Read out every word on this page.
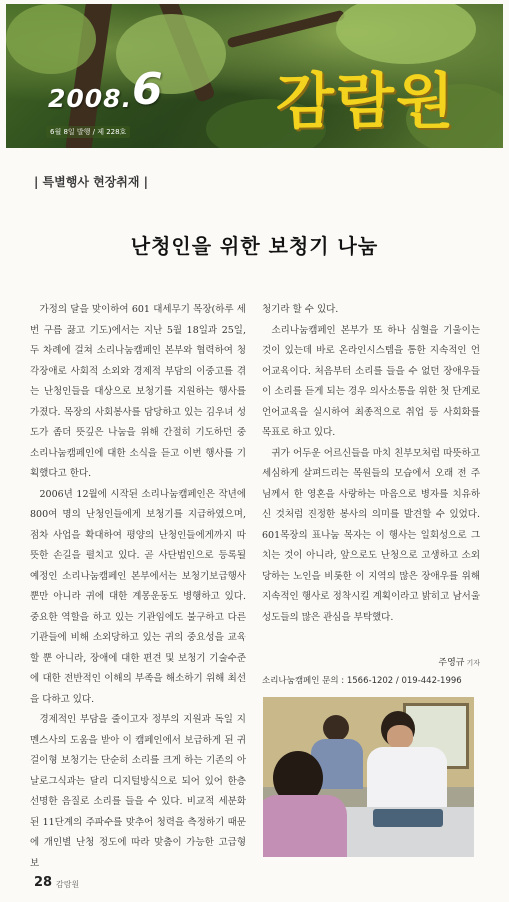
2008. 6
6월 8일 발행 / 제 228호 감람원
| 특별행사 현장취재 |
난청인을 위한 보청기 나눔

가정의 달을 맞이하여 601 대세무기 목장(하루 세 번 구름 끓고 기도)에서는 지난 5월 18일과 25일, 두 차례에 걸쳐 소리나눔캠페인 본부와 협력하여 청각장애로 사회적 소외와 경제적 부담의 이중고를 겪는 난청인들을 대상으로 보청기를 지원하는 행사를 가졌다. 목장의 사회봉사를 담당하고 있는 김우녀 성도가 좀더 뜻깊은 나눔을 위해 간절히 기도하던 중 소리나눔캠페인에 대한 소식을 듣고 이번 행사를 기획했다고 한다.

2006년 12월에 시작된 소리나눔캠페인은 작년에 800여 명의 난청인들에게 보청기를 지급하였으며, 점차 사업을 확대하여 평양의 난청인들에게까지 따뜻한 손길을 펼치고 있다. 곧 사단법인으로 등록될 예정인 소리나눔캠페인 본부에서는 보청기보급행사뿐만 아니라 귀에 대한 계몽운동도 병행하고 있다. 중요한 역할을 하고 있는 기관임에도 불구하고 다른 기관들에 비해 소외당하고 있는 귀의 중요성을 교육할 뿐 아니라, 장애에 대한 편견 및 보청기 기술수준에 대한 전반적인 이해의 부족을 해소하기 위해 최선을 다하고 있다.

경제적인 부담을 줄이고자 정부의 지원과 독일 지멘스사의 도움을 받아 이 캠페인에서 보급하게 된 귀걸이형 보청기는 단순히 소리를 크게 하는 기존의 아날로그식과는 달리 디지털방식으로 되어 있어 한층 선명한 음질로 소리를 들을 수 있다. 비교적 세분화된 11단계의 주파수를 맞추어 청력을 측정하기 때문에 개인별 난청 정도에 따라 맞춤이 가능한 고급형 보

청기라 할 수 있다.

소리나눔캠페인 본부가 또 하나 심혈을 기울이는 것이 있는데 바로 온라인시스템을 통한 지속적인 언어교육이다. 처음부터 소리를 들을 수 없던 장애우들이 소리를 듣게 되는 경우 의사소통을 위한 첫 단계로 언어교육을 실시하여 최종적으로 취업 등 사회화를 목표로 하고 있다.

귀가 어두운 어르신들을 마치 친부모처럼 따뜻하고 세심하게 살펴드리는 목원들의 모습에서 오래 전 주님께서 한 영혼을 사랑하는 마음으로 병자를 치유하신 것처럼 진정한 봉사의 의미를 발견할 수 있었다. 601목장의 표나눔 목자는 이 행사는 일회성으로 그치는 것이 아니라, 앞으로도 난청으로 고생하고 소외당하는 노인을 비롯한 이 지역의 많은 장애우를 위해 지속적인 행사로 정착시킬 계획이라고 밝히고 남서울 성도들의 많은 관심을 부탁했다.

주영규 기자
소리나눔캠페인 문의 : 1566-1202 / 019-442-1996
28 감람원
